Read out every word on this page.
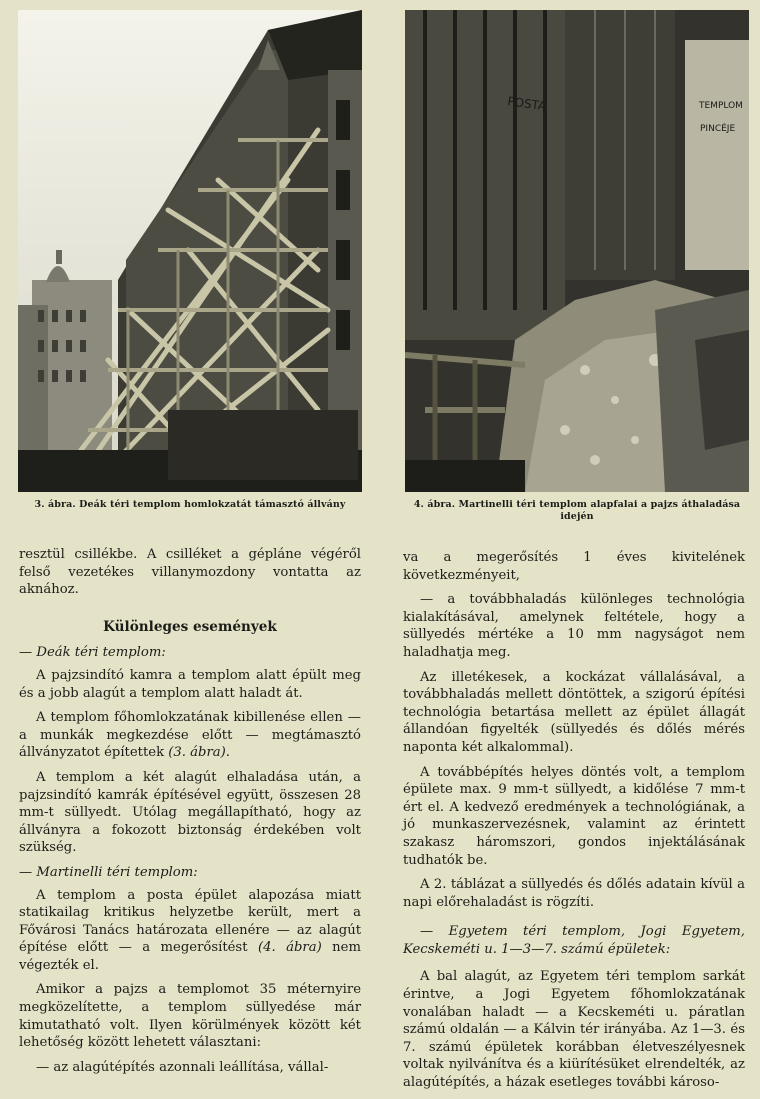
POSTA	TEMPLOM
PINCÉJE
3. ábra. Deák téri templom homlokzatát támasztó állvány	4. ábra. Martinelli téri templom alapfalai a pajzs áthaladása idején

resztül csillékbe. A csilléket a gépláne végéről felső vezetékes villanymozdony vontatta az aknához.

Különleges események

— Deák téri templom:

A pajzsindító kamra a templom alatt épült meg és a jobb alagút a templom alatt haladt át.

A templom főhomlokzatának kibillenése ellen — a munkák megkezdése előtt — megtámasztó állványzatot építettek (3. ábra).

A templom a két alagút elhaladása után, a pajzsindító kamrák építésével együtt, összesen 28 mm-t süllyedt. Utólag megállapítható, hogy az állványra a fokozott biztonság érdekében volt szükség.

— Martinelli téri templom:

A templom a posta épület alapozása miatt statikailag kritikus helyzetbe került, mert a Fővárosi Tanács határozata ellenére — az alagút építése előtt — a megerősítést (4. ábra) nem végezték el.

Amikor a pajzs a templomot 35 méternyire megközelítette, a templom süllyedése már kimutatható volt. Ilyen körülmények között két lehetőség között lehetett választani:

— az alagútépítés azonnali leállítása, vállal-

va a megerősítés 1 éves kivitelének következményeit,

— a továbbhaladás különleges technológia kialakításával, amelynek feltétele, hogy a süllyedés mértéke a 10 mm nagyságot nem haladhatja meg.

Az illetékesek, a kockázat vállalásával, a továbbhaladás mellett döntöttek, a szigorú építési technológia betartása mellett az épület állagát állandóan figyelték (süllyedés és dőlés mérés naponta két alkalommal).

A továbbépítés helyes döntés volt, a templom épülete max. 9 mm-t süllyedt, a kidőlése 7 mm-t ért el. A kedvező eredmények a technológiának, a jó munkaszervezésnek, valamint az érintett szakasz háromszori, gondos injektálásának tudhatók be.

A 2. táblázat a süllyedés és dőlés adatain kívül a napi előrehaladást is rögzíti.

— Egyetem téri templom, Jogi Egyetem, Kecskeméti u. 1—3—7. számú épületek:

A bal alagút, az Egyetem téri templom sarkát érintve, a Jogi Egyetem főhomlokzatának vonalában haladt — a Kecskeméti u. páratlan számú oldalán — a Kálvin tér irányába. Az 1—3. és 7. számú épületek korábban életveszélyesnek voltak nyilvánítva és a kiürítésüket elrendelték, az alagútépítés, a házak esetleges további károso-
